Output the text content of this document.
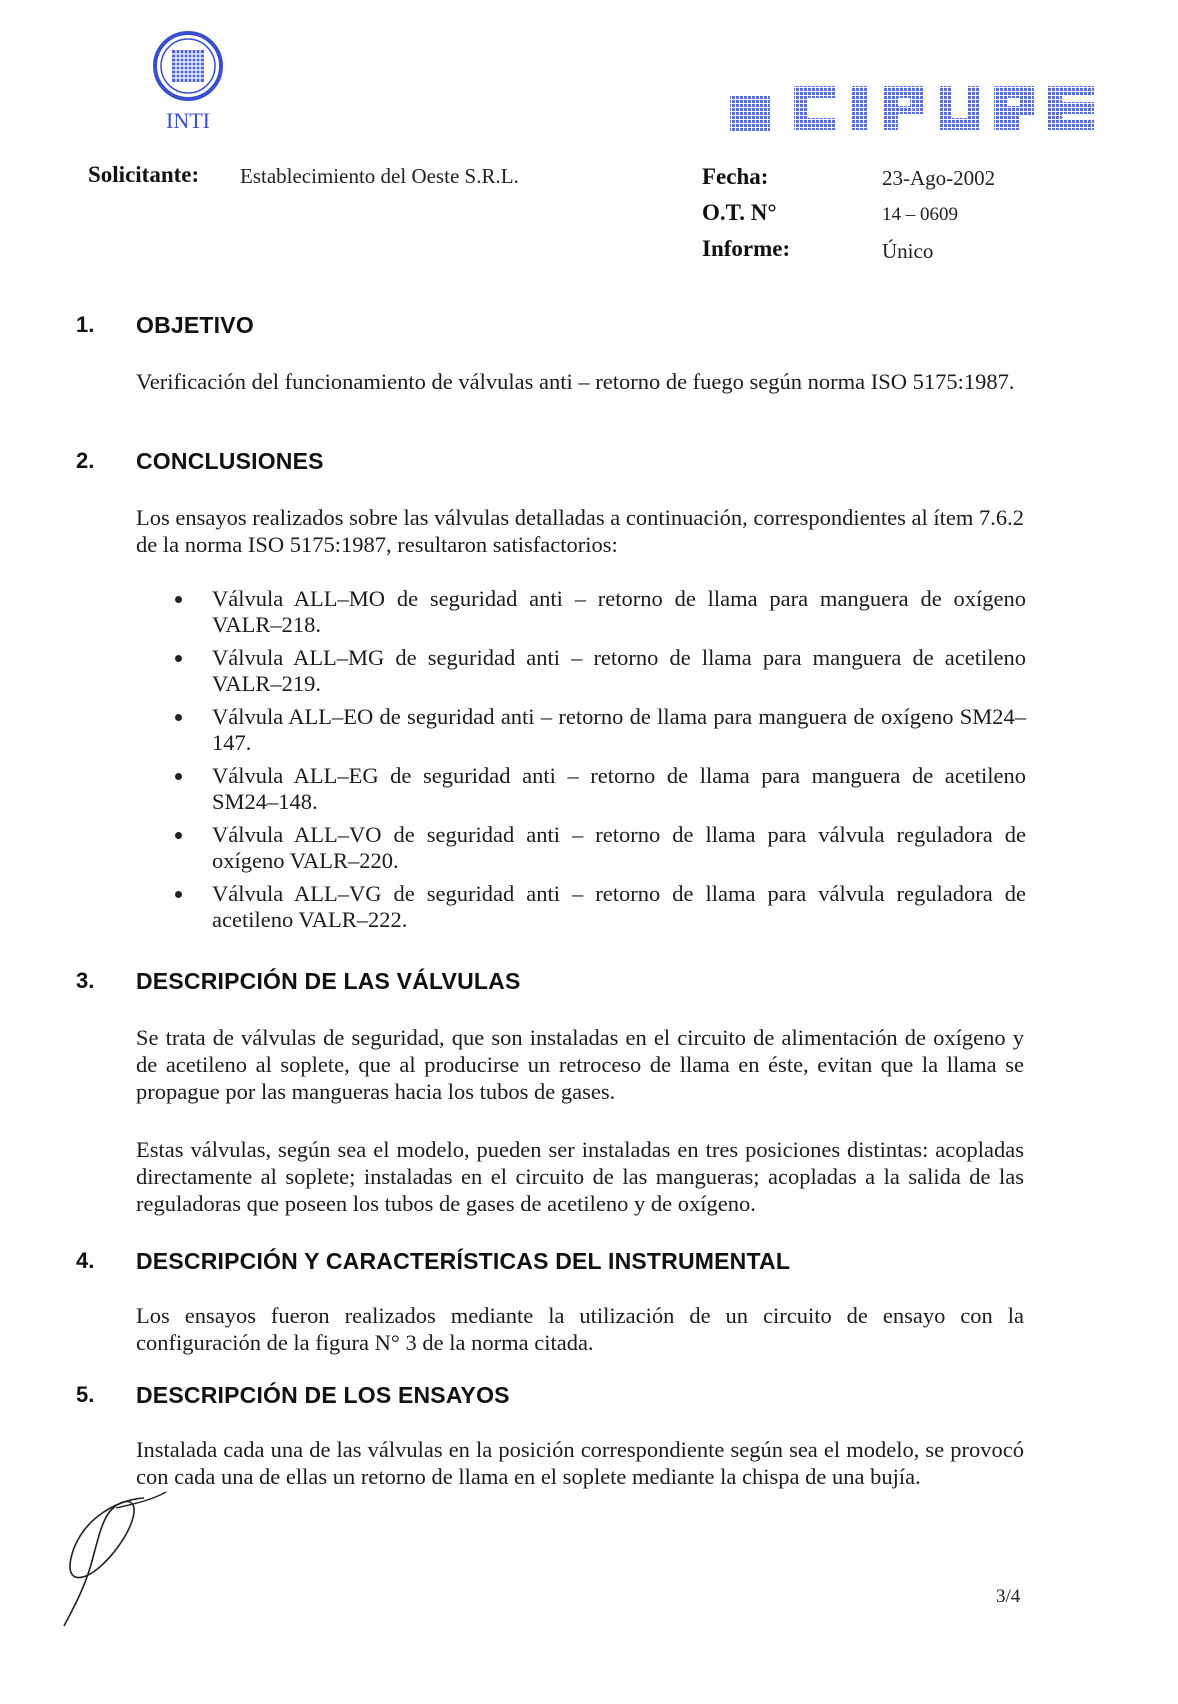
INTI	CIPURE
Solicitante: Establecimiento del Oeste S.R.L.	Fecha:	23-Ago-2002
O.T. N°	14 – 0609
Informe:	Único
1. OBJETIVO

Verificación del funcionamiento de válvulas anti – retorno de fuego según norma ISO 5175:1987.

2. CONCLUSIONES

Los ensayos realizados sobre las válvulas detalladas a continuación, correspondientes al ítem 7.6.2 de la norma ISO 5175:1987, resultaron satisfactorios:

Válvula ALL–MO de seguridad anti – retorno de llama para manguera de oxígeno VALR–218.
Válvula ALL–MG de seguridad anti – retorno de llama para manguera de acetileno VALR–219.
Válvula ALL–EO de seguridad anti – retorno de llama para manguera de oxígeno SM24–147.
Válvula ALL–EG de seguridad anti – retorno de llama para manguera de acetileno SM24–148.
Válvula ALL–VO de seguridad anti – retorno de llama para válvula reguladora de oxígeno VALR–220.
Válvula ALL–VG de seguridad anti – retorno de llama para válvula reguladora de acetileno VALR–222.
3. DESCRIPCIÓN DE LAS VÁLVULAS

Se trata de válvulas de seguridad, que son instaladas en el circuito de alimentación de oxígeno y de acetileno al soplete, que al producirse un retroceso de llama en éste, evitan que la llama se propague por las mangueras hacia los tubos de gases.

Estas válvulas, según sea el modelo, pueden ser instaladas en tres posiciones distintas: acopladas directamente al soplete; instaladas en el circuito de las mangueras; acopladas a la salida de las reguladoras que poseen los tubos de gases de acetileno y de oxígeno.

4. DESCRIPCIÓN Y CARACTERÍSTICAS DEL INSTRUMENTAL

Los ensayos fueron realizados mediante la utilización de un circuito de ensayo con la configuración de la figura N° 3 de la norma citada.

5. DESCRIPCIÓN DE LOS ENSAYOS

Instalada cada una de las válvulas en la posición correspondiente según sea el modelo, se provocó con cada una de ellas un retorno de llama en el soplete mediante la chispa de una bujía.

3/4
